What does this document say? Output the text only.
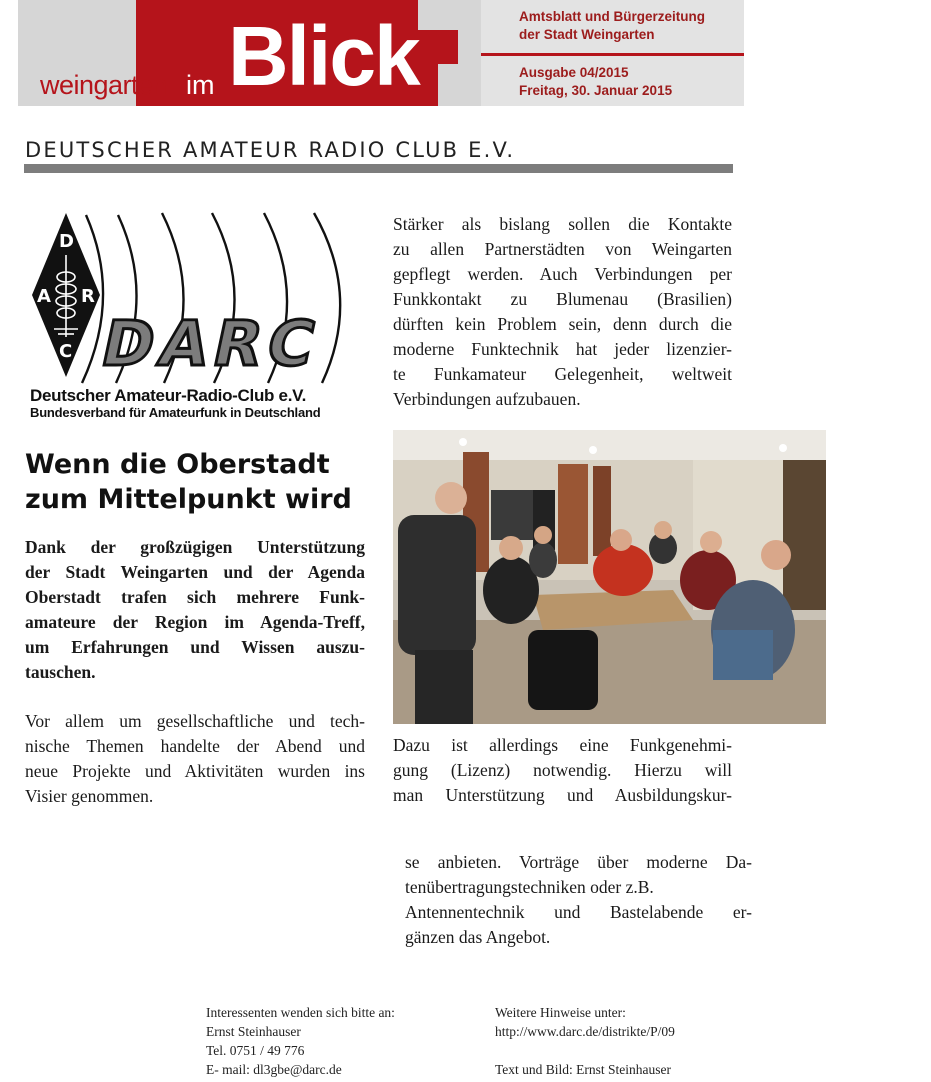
weingarten im Blick	Amtsblatt und Bürgerzeitung
der Stadt Weingarten
Ausgabe 04/2015
Freitag, 30. Januar 2015
DEUTSCHER AMATEUR RADIO CLUB E.V.
D
A R
C DARC
Deutscher Amateur-Radio-Club e.V.
Bundesverband für Amateurfunk in Deutschland
Wenn die Oberstadt
zum Mittelpunkt wird
Dank der großzügigen Unterstützung
der Stadt Weingarten und der Agenda
Oberstadt trafen sich mehrere Funk-
amateure der Region im Agenda-Treff,
um Erfahrungen und Wissen auszu-
tauschen.
Vor allem um gesellschaftliche und tech-
nische Themen handelte der Abend und
neue Projekte und Aktivitäten wurden ins
Visier genommen.
Stärker als bislang sollen die Kontakte
zu allen Partnerstädten von Weingarten
gepflegt werden. Auch Verbindungen per
Funkkontakt zu Blumenau (Brasilien)
dürften kein Problem sein, denn durch die
moderne Funktechnik hat jeder lizenzier-
te Funkamateur Gelegenheit, weltweit
Verbindungen aufzubauen.
Dazu ist allerdings eine Funkgenehmi-
gung (Lizenz) notwendig. Hierzu will
man Unterstützung und Ausbildungskur-
se anbieten. Vorträge über moderne Da-
tenübertragungstechniken oder z.B.
Antennentechnik und Bastelabende er-
gänzen das Angebot.
Interessenten wenden sich bitte an:
Ernst Steinhauser
Tel. 0751 / 49 776
E- mail: dl3gbe@darc.de
Weitere Hinweise unter:
http://www.darc.de/distrikte/P/09
Text und Bild: Ernst Steinhauser
